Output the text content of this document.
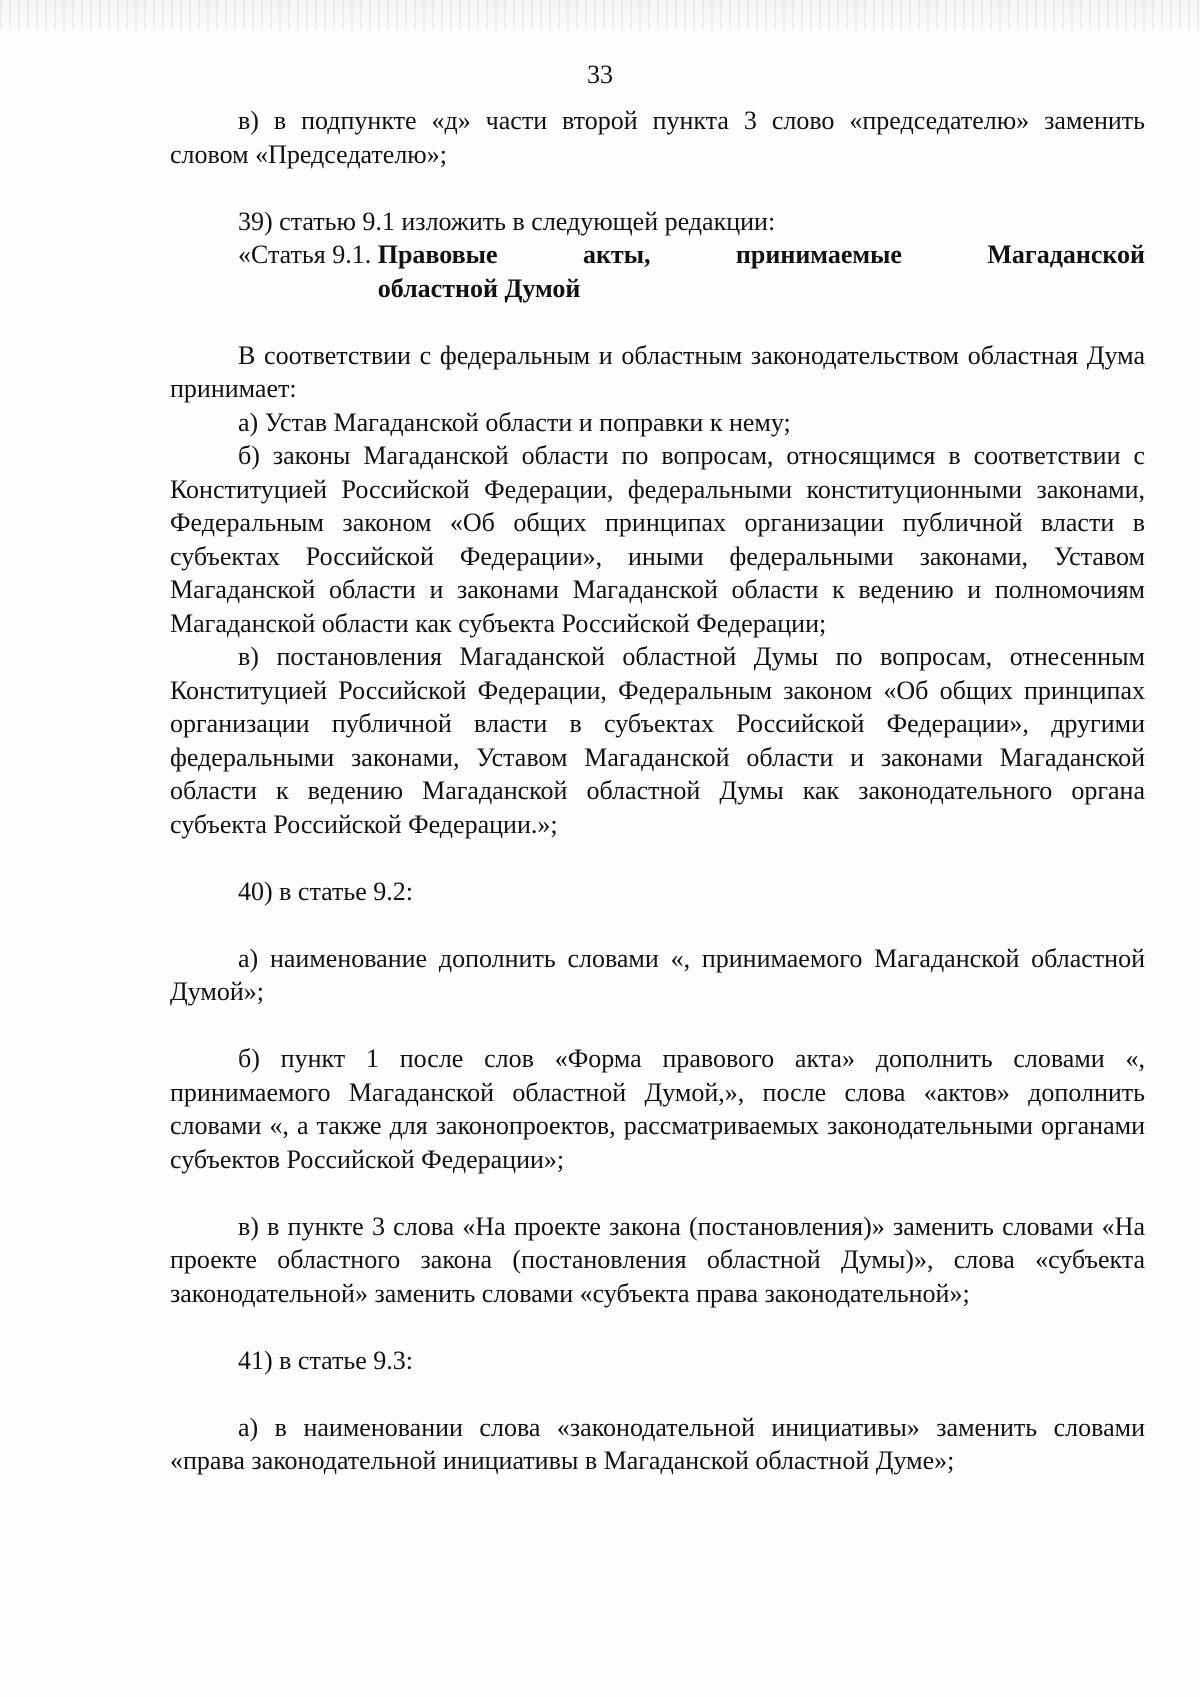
33

в) в подпункте «д» части второй пункта 3 слово «председателю» заменить словом «Председателю»;

39) статью 9.1 изложить в следующей редакции:

«Статья 9.1. Правовые акты, принимаемые Магаданской
областной Думой

В соответствии с федеральным и областным законодательством областная Дума принимает:

а) Устав Магаданской области и поправки к нему;

б) законы Магаданской области по вопросам, относящимся в соответствии с Конституцией Российской Федерации, федеральными конституционными законами, Федеральным законом «Об общих принципах организации публичной власти в субъектах Российской Федерации», иными федеральными законами, Уставом Магаданской области и законами Магаданской области к ведению и полномочиям Магаданской области как субъекта Российской Федерации;

в) постановления Магаданской областной Думы по вопросам, отнесенным Конституцией Российской Федерации, Федеральным законом «Об общих принципах организации публичной власти в субъектах Российской Федерации», другими федеральными законами, Уставом Магаданской области и законами Магаданской области к ведению Магаданской областной Думы как законодательного органа субъекта Российской Федерации.»;

40) в статье 9.2:

а) наименование дополнить словами «, принимаемого Магаданской областной Думой»;

б) пункт 1 после слов «Форма правового акта» дополнить словами «, принимаемого Магаданской областной Думой,», после слова «актов» дополнить словами «, а также для законопроектов, рассматриваемых законодательными органами субъектов Российской Федерации»;

в) в пункте 3 слова «На проекте закона (постановления)» заменить словами «На проекте областного закона (постановления областной Думы)», слова «субъекта законодательной» заменить словами «субъекта права законодательной»;

41) в статье 9.3:

а) в наименовании слова «законодательной инициативы» заменить словами «права законодательной инициативы в Магаданской областной Думе»;
